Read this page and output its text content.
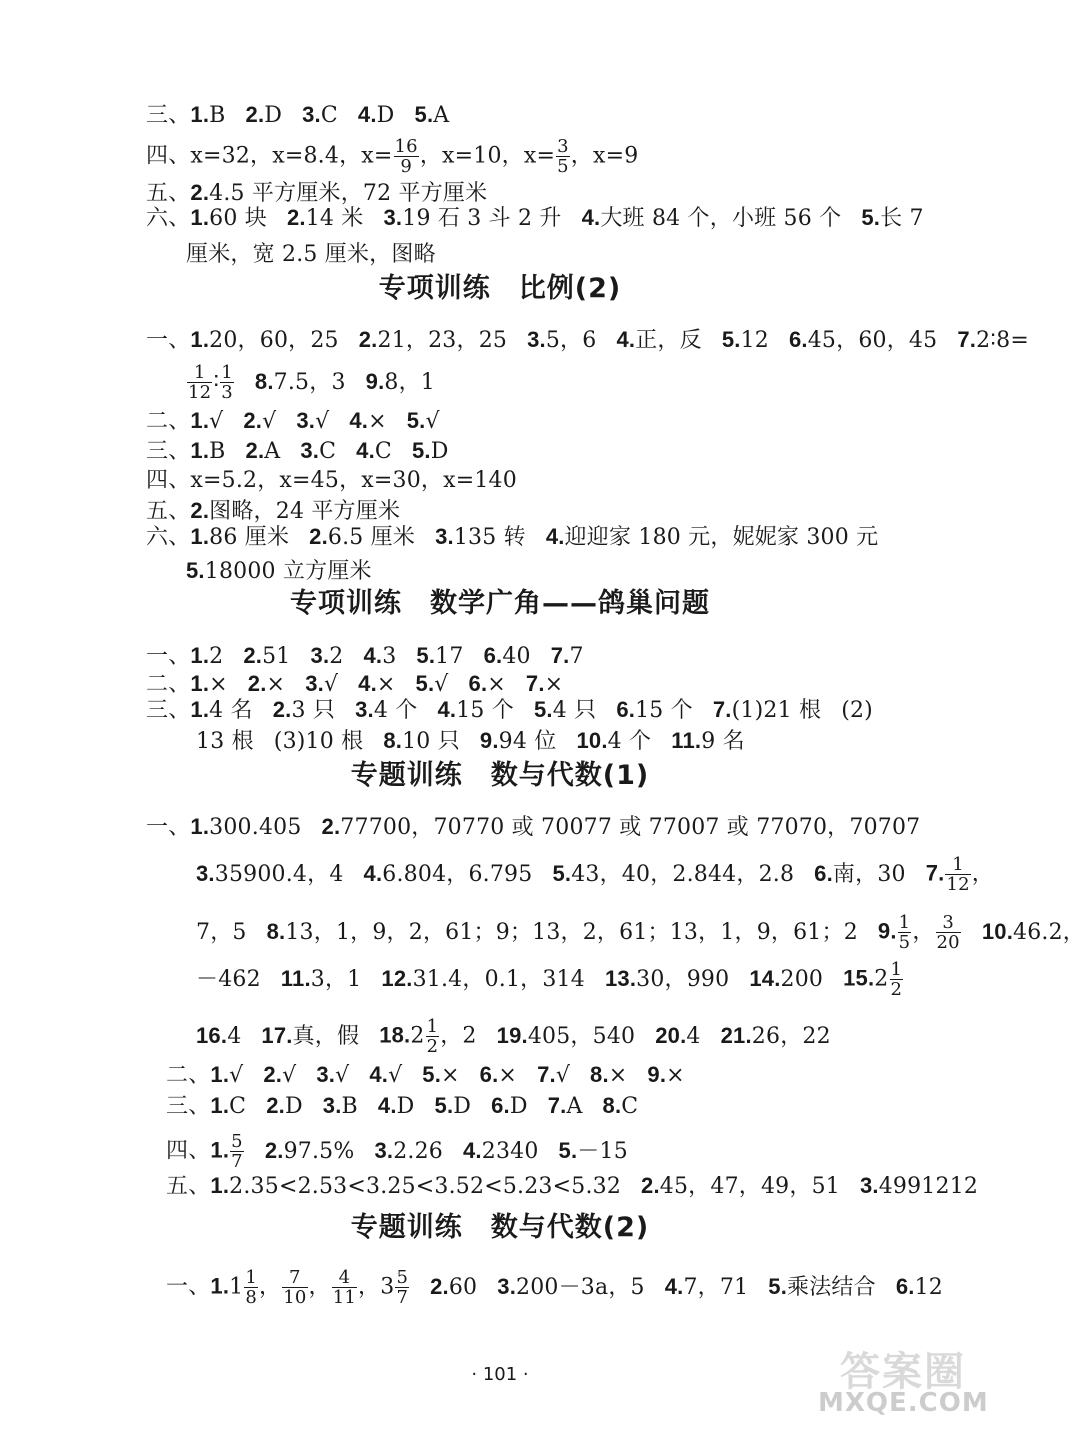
专项训练　比例(2)
专项训练　数学广角——鸽巢问题
专题训练　数与代数(1)
专题训练　数与代数(2)
三、1.B 2.D 3.C 4.D 5.A
四、x=32，x=8.4，$x= \frac{16}{9}$ ，x=10，$x= \frac{3}{5}$ ，x=9
五、2.4.5 平方厘米，72 平方厘米
六、1.60 块 2.14 米 3.19 石 3 斗 2 升 4.大班 84 个，小班 56 个 5.长 7
厘米，宽 2.5 厘米，图略
一、1.20，60，25 2.21，23，25 3.5，6 4.正，反 5.12 6.45，60，45 7.2∶8=
$\frac{1}{12}$ ∶ $\frac{1}{3} 8.7.5$，3 9.8，1
二、1.√ 2.√ 3.√ 4.× 5.√
三、1.B 2.A 3.C 4.C 5.D
四、x=5.2，x=45，x=30，x=140
五、2.图略，24 平方厘米
六、1.86 厘米 2.6.5 厘米 3.135 转 4.迎迎家 180 元，妮妮家 300 元
5.18000 立方厘米
一、1.2 2.51 3.2 4.3 5.17 6.40 7.7
二、1.× 2.× 3.√ 4.× 5.√ 6.× 7.×
三、1.4 名 2.3 只 3.4 个 4.15 个 5.4 只 6.15 个 7.(1)21 根 (2)
13 根 (3)10 根 8.10 只 9.94 位 10.4 个 11.9 名
一、1.300.405 2.77700，70770 或 70077 或 77007 或 77070，70707
3.35900.4，4 4.6.804，6.795 5.43，40，2.844，2.8 6.南，30 7. $\frac{1}{12}$ ，
7，5 8.13，1，9，2，61；9；13，2，61；13，1，9，61；2 9. $\frac{1}{5}$ ， $\frac{3}{20} 10.46.2$，
－462 11.3，1 12.31.4，0.1，314 13.30，990 14.200 $15.2 \frac{1}{2}$
16.4 17.真，假 $18.2 \frac{1}{2}$ ，2 19.405，540 20.4 21.26，22
二、1.√ 2.√ 3.√ 4.√ 5.× 6.× 7.√ 8.× 9.×
三、1.C 2.D 3.B 4.D 5.D 6.D 7.A 8.C
四、1. $\frac{5}{7} 2.97.5\%$ 3.2.26 4.2340 5.－15
五、1.2.35<2.53<3.25<3.52<5.23<5.32 2.45，47，49，51 3.4991212
一、$1.1 \frac{1}{8}$ ， $\frac{7}{10}$ ， $\frac{4}{11}$ ，$3 \frac{5}{7} 2.60$ 3.200－3a，5 4.7，71 5.乘法结合 6.12
· 101 ·	答案圈
MXQE.COM
